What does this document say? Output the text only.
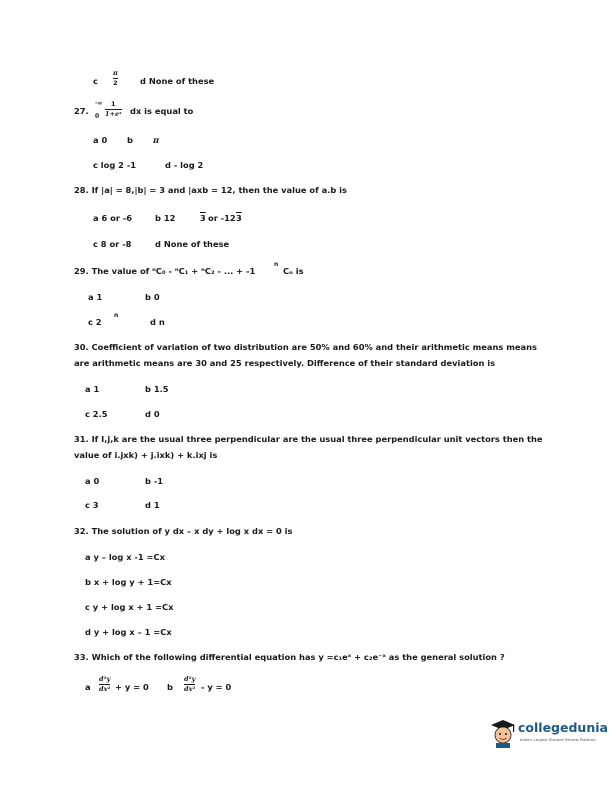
c
π
2	d None of these
27.
·∞
0
1
1+eˣ dx is equal to
a 0 b π
c log 2 -1	d - log 2
28. If |a| = 8,|b| = 3 and |axb = 12, then the value of a.b is
a 6 or -6	b 12	3 or -12 3
c 8 or -8	d None of these
29. The value of ⁿC₀ - ⁿC₁ + ⁿC₂ - ... + -1
n
Cₙ is
a 1	b 0
c 2
n
d n
30. Coefficient of variation of two distribution are 50% and 60% and their arithmetic means means
are arithmetic means are 30 and 25 respectively. Difference of their standard deviation is
a 1	b 1.5
c 2.5	d 0
31. If I,j,k are the usual three perpendicular are the usual three perpendicular unit vectors then the
value of i.jxk) + j.ixk) + k.ixj is
a 0	b -1
c 3	d 1
32. The solution of y dx – x dy + log x dx = 0 is
a y – log x -1 =Cx
b x + log y + 1=Cx
c y + log x + 1 =Cx
d y + log x – 1 =Cx
33. Which of the following differential equation has y =c₁eˣ + c₂e⁻ˣ as the general solution ?
a
d²y
dx² + y = 0 b
d²y
dx² - y = 0
collegedunia
India's Largest Student Review Platform
